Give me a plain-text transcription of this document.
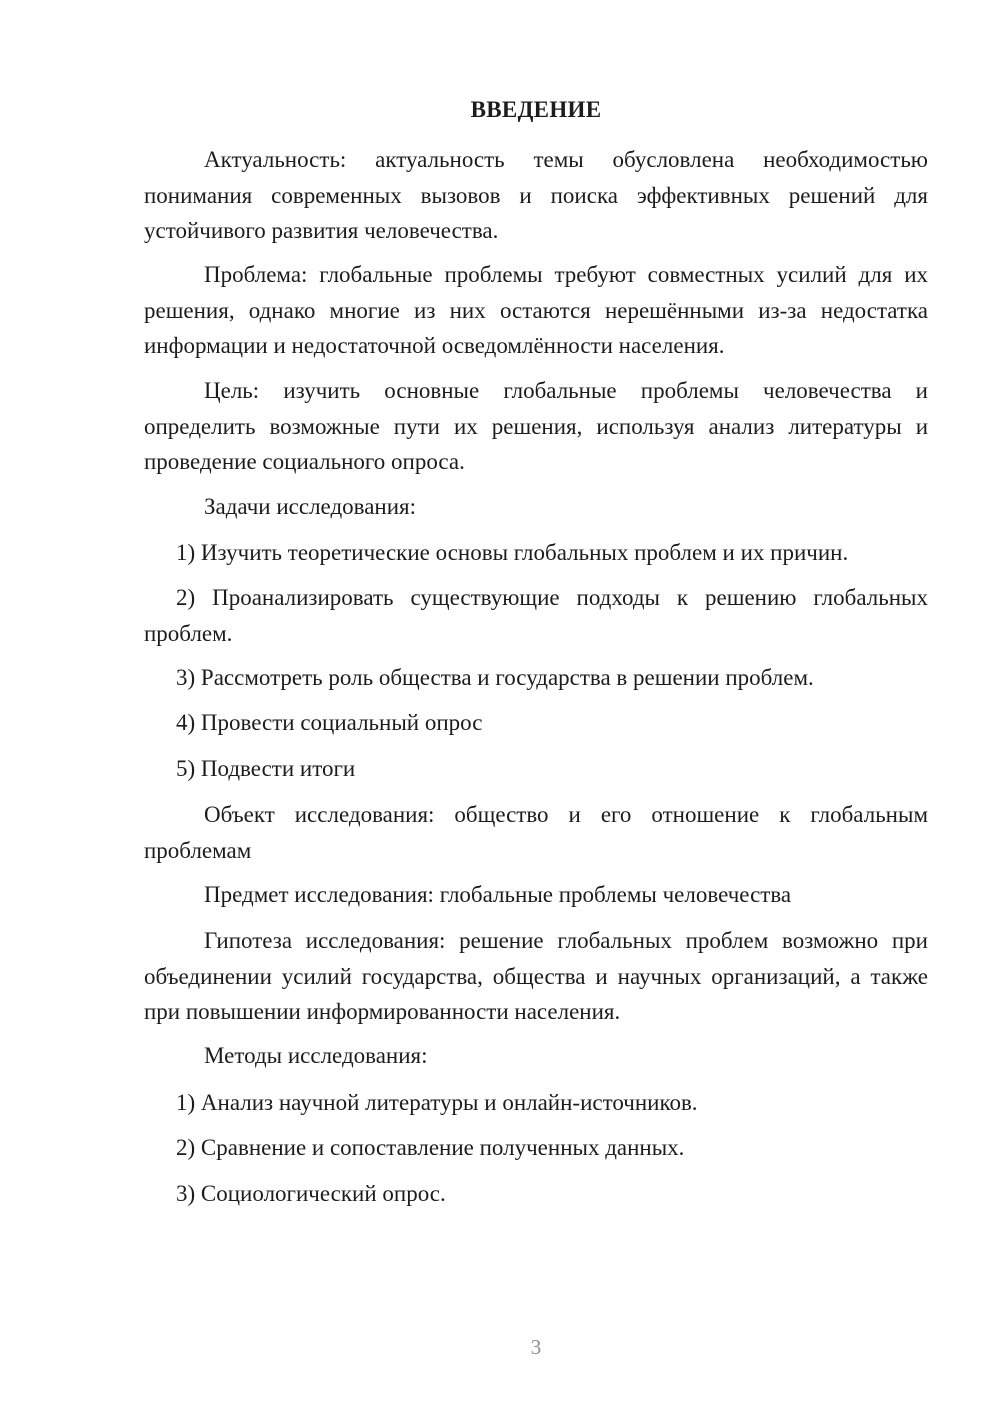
ВВЕДЕНИЕ

Актуальность: актуальность темы обусловлена необходимостью понимания современных вызовов и поиска эффективных решений для устойчивого развития человечества.

Проблема: глобальные проблемы требуют совместных усилий для их решения, однако многие из них остаются нерешёнными из-за недостатка информации и недостаточной осведомлённости населения.

Цель: изучить основные глобальные проблемы человечества и определить возможные пути их решения, используя анализ литературы и проведение социального опроса.

Задачи исследования:

1) Изучить теоретические основы глобальных проблем и их причин.

2) Проанализировать существующие подходы к решению глобальных проблем.

3) Рассмотреть роль общества и государства в решении проблем.

4) Провести социальный опрос

5) Подвести итоги

Объект исследования: общество и его отношение к глобальным проблемам

Предмет исследования: глобальные проблемы человечества

Гипотеза исследования: решение глобальных проблем возможно при объединении усилий государства, общества и научных организаций, а также при повышении информированности населения.

Методы исследования:

1) Анализ научной литературы и онлайн-источников.

2) Сравнение и сопоставление полученных данных.

3) Социологический опрос.

3
